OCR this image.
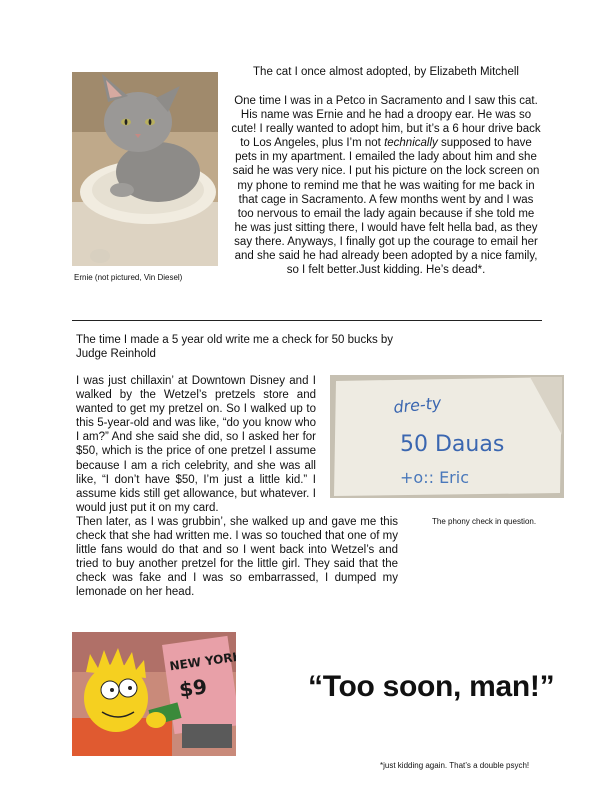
Ernie (not pictured, Vin Diesel)
The cat I once almost adopted, by Elizabeth Mitchell
One time I was in a Petco in Sacramento and I saw this cat. His name was Ernie and he had a droopy ear. He was so cute! I really wanted to adopt him, but it’s a 6 hour drive back to Los Angeles, plus I’m not technically supposed to have pets in my apartment. I emailed the lady about him and she said he was very nice. I put his picture on the lock screen on my phone to remind me that he was waiting for me back in that cage in Sacramento. A few months went by and I was too nervous to email the lady again because if she told me he was just sitting there, I would have felt hella bad, as they say there. Anyways, I finally got up the courage to email her and she said he had already been adopted by a nice family, so I felt better.Just kidding. He’s dead*.
The time I made a 5 year old write me a check for 50 bucks by Judge Reinhold
I was just chillaxin’ at Downtown Disney and I walked by the Wetzel’s pretzels store and wanted to get my pretzel on. So I walked up to this 5-year-old and was like, “do you know who I am?” And she said she did, so I asked her for $50, which is the price of one pretzel I assume because I am a rich celebrity, and she was all like, “I don’t have $50, I’m just a little kid.” I assume kids still get allowance, but whatever. I would just put it on my card.
dre-ty
50 Dauas
+o:: Eric
The phony check in question.
Then later, as I was grubbin’, she walked up and gave me this check that she had written me. I was so touched that one of my little fans would do that and so I went back into Wetzel’s and tried to buy another pretzel for the little girl. They said that the check was fake and I was so embarrassed, I dumped my lemonade on her head.
NEW YORK
$9	“Too soon, man!”
*just kidding again. That’s a double psych!
